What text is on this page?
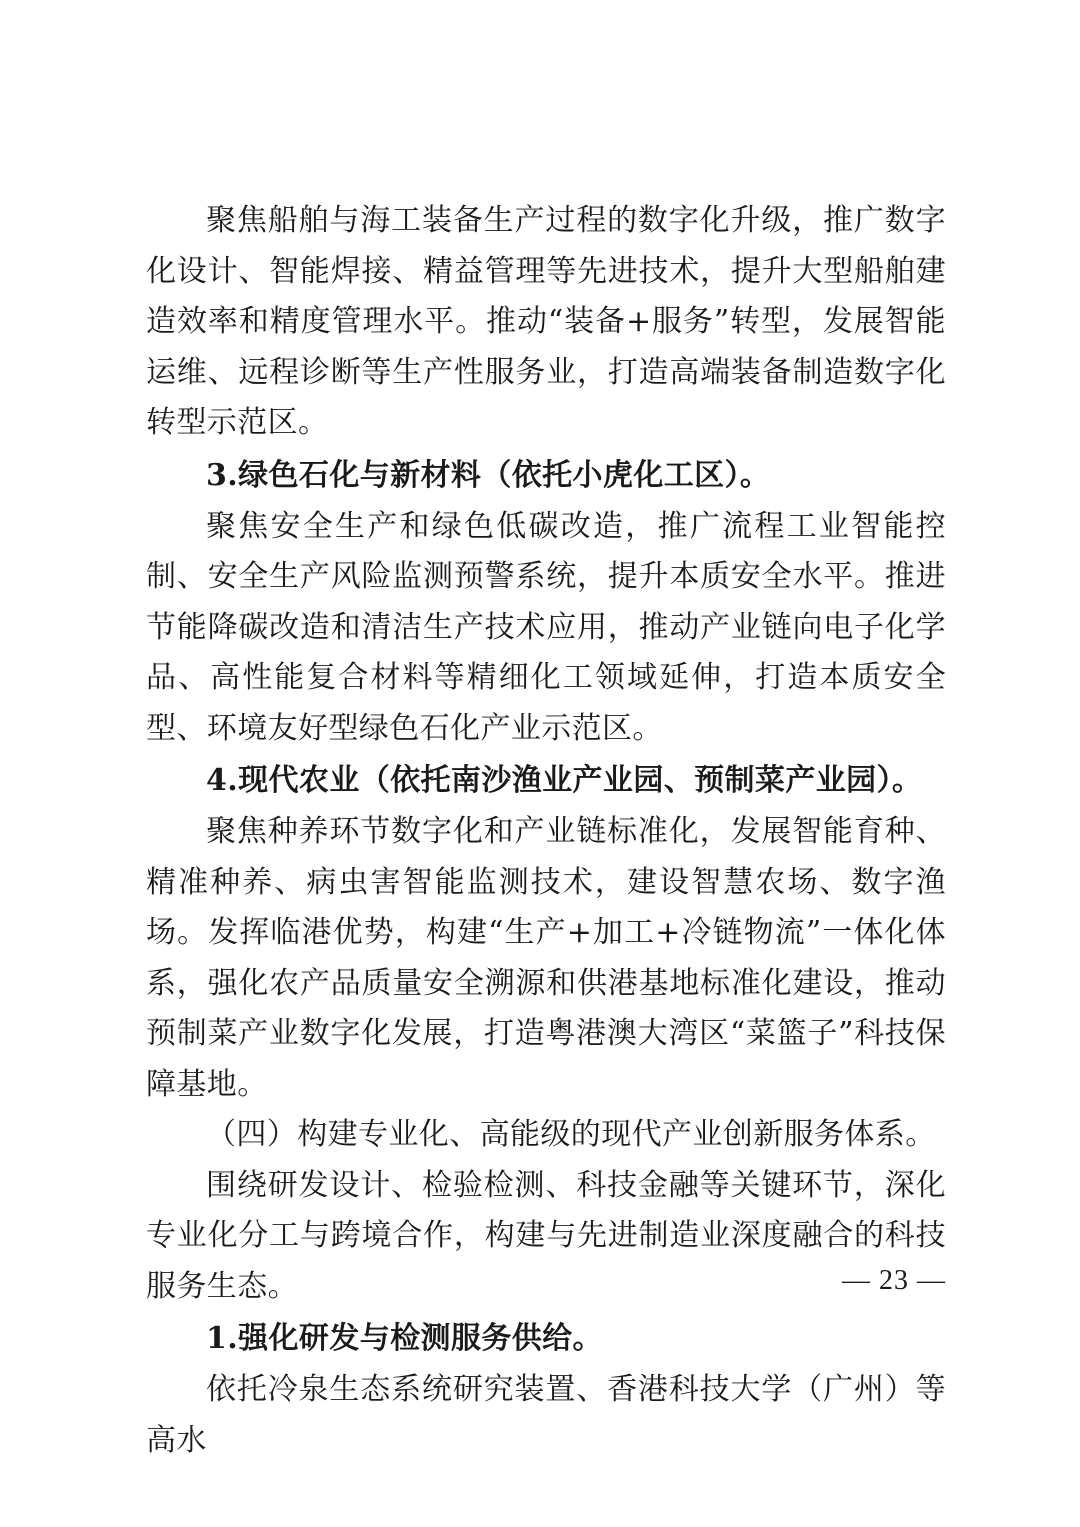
聚焦船舶与海工装备生产过程的数字化升级，推广数字化设计、智能焊接、精益管理等先进技术，提升大型船舶建造效率和精度管理水平。推动“装备+服务”转型，发展智能运维、远程诊断等生产性服务业，打造高端装备制造数字化转型示范区。

3.绿色石化与新材料（依托小虎化工区）。

聚焦安全生产和绿色低碳改造，推广流程工业智能控制、安全生产风险监测预警系统，提升本质安全水平。推进节能降碳改造和清洁生产技术应用，推动产业链向电子化学品、高性能复合材料等精细化工领域延伸，打造本质安全型、环境友好型绿色石化产业示范区。

4.现代农业（依托南沙渔业产业园、预制菜产业园）。

聚焦种养环节数字化和产业链标准化，发展智能育种、精准种养、病虫害智能监测技术，建设智慧农场、数字渔场。发挥临港优势，构建“生产+加工+冷链物流”一体化体系，强化农产品质量安全溯源和供港基地标准化建设，推动预制菜产业数字化发展，打造粤港澳大湾区“菜篮子”科技保障基地。

（四）构建专业化、高能级的现代产业创新服务体系。

围绕研发设计、检验检测、科技金融等关键环节，深化专业化分工与跨境合作，构建与先进制造业深度融合的科技服务生态。

1.强化研发与检测服务供给。

依托冷泉生态系统研究装置、香港科技大学（广州）等高水

— 23 —
